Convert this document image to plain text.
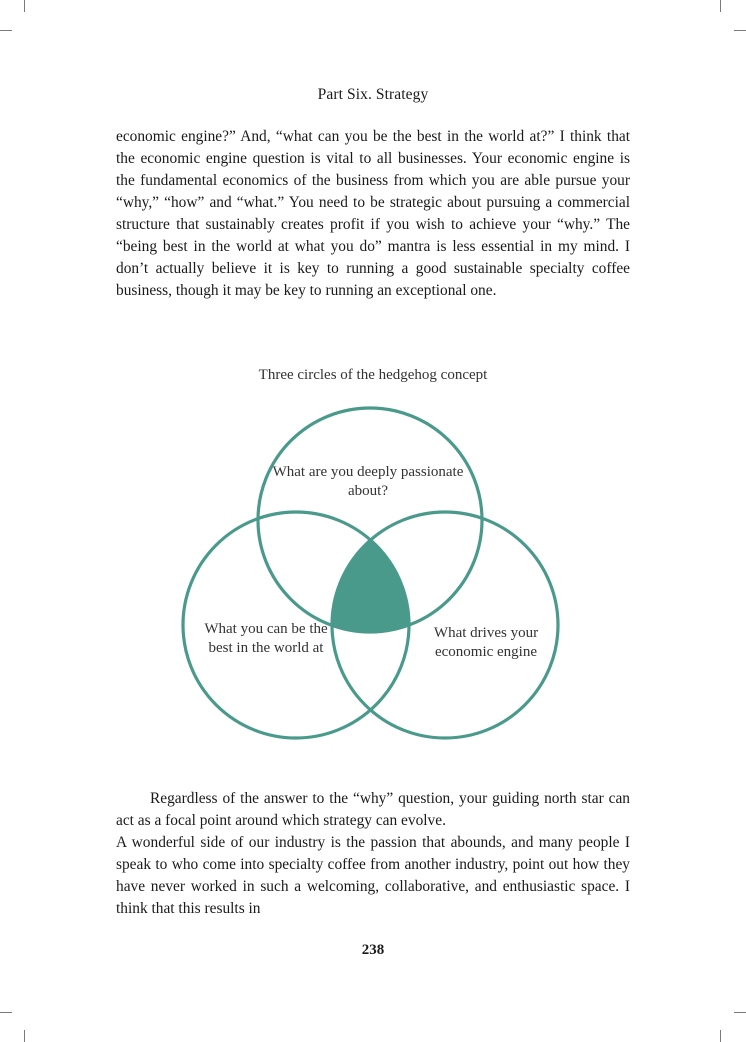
Part Six. Strategy

economic engine?” And, “what can you be the best in the world at?” I think that the economic engine question is vital to all businesses. Your economic engine is the fundamental economics of the business from which you are able pursue your “why,” “how” and “what.” You need to be strategic about pursuing a commercial structure that sustainably creates profit if you wish to achieve your “why.” The “being best in the world at what you do” mantra is less essential in my mind. I don’t actually believe it is key to running a good sustainable specialty coffee business, though it may be key to running an exceptional one.

Three circles of the hedgehog concept
What are you deeply passionate about?
What you can be the best in the world at
What drives your economic engine

Regardless of the answer to the “why” question, your guiding north star can act as a focal point around which strategy can evolve.

A wonderful side of our industry is the passion that abounds, and many people I speak to who come into specialty coffee from another industry, point out how they have never worked in such a welcoming, collaborative, and enthusiastic space. I think that this results in

238
